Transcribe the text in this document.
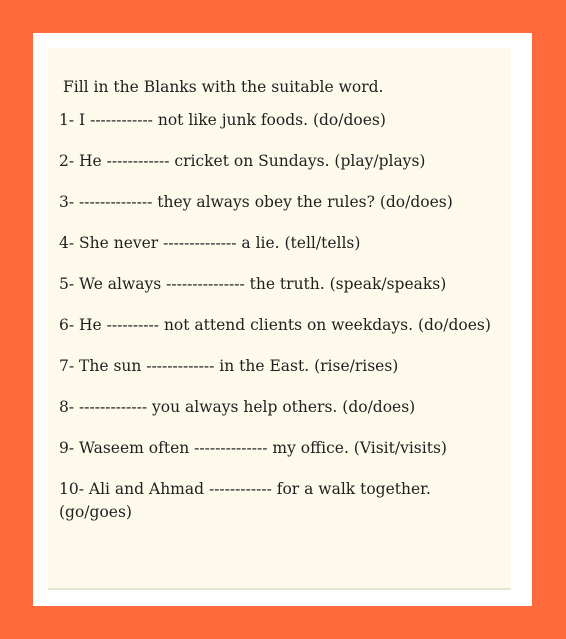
Fill in the Blanks with the suitable word.
1- I ------------ not like junk foods. (do/does)
2- He ------------ cricket on Sundays. (play/plays)
3- -------------- they always obey the rules? (do/does)
4- She never -------------- a lie. (tell/tells)
5- We always --------------- the truth. (speak/speaks)
6- He ---------- not attend clients on weekdays. (do/does)
7- The sun ------------- in the East. (rise/rises)
8- ------------- you always help others. (do/does)
9- Waseem often -------------- my office. (Visit/visits)
10- Ali and Ahmad ------------ for a walk together. (go/goes)
